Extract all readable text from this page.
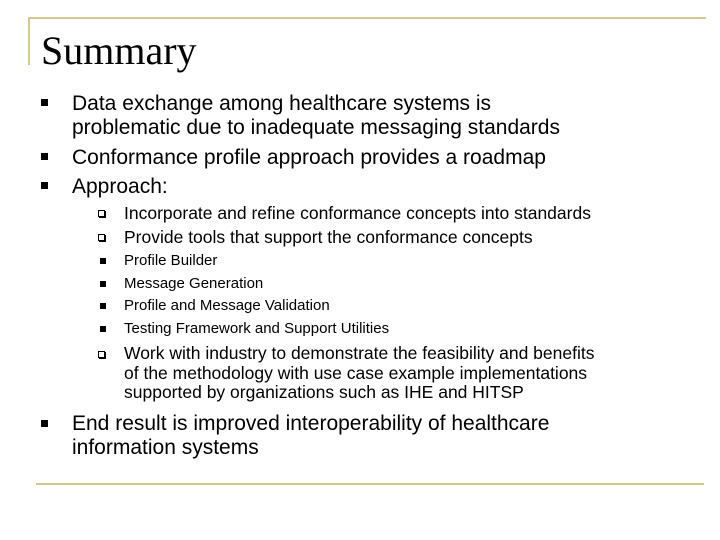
Summary
Data exchange among healthcare systems is
problematic due to inadequate messaging standards
Conformance profile approach provides a roadmap
Approach:
Incorporate and refine conformance concepts into standards
Provide tools that support the conformance concepts
Profile Builder
Message Generation
Profile and Message Validation
Testing Framework and Support Utilities
Work with industry to demonstrate the feasibility and benefits
of the methodology with use case example implementations
supported by organizations such as IHE and HITSP
End result is improved interoperability of healthcare
information systems
